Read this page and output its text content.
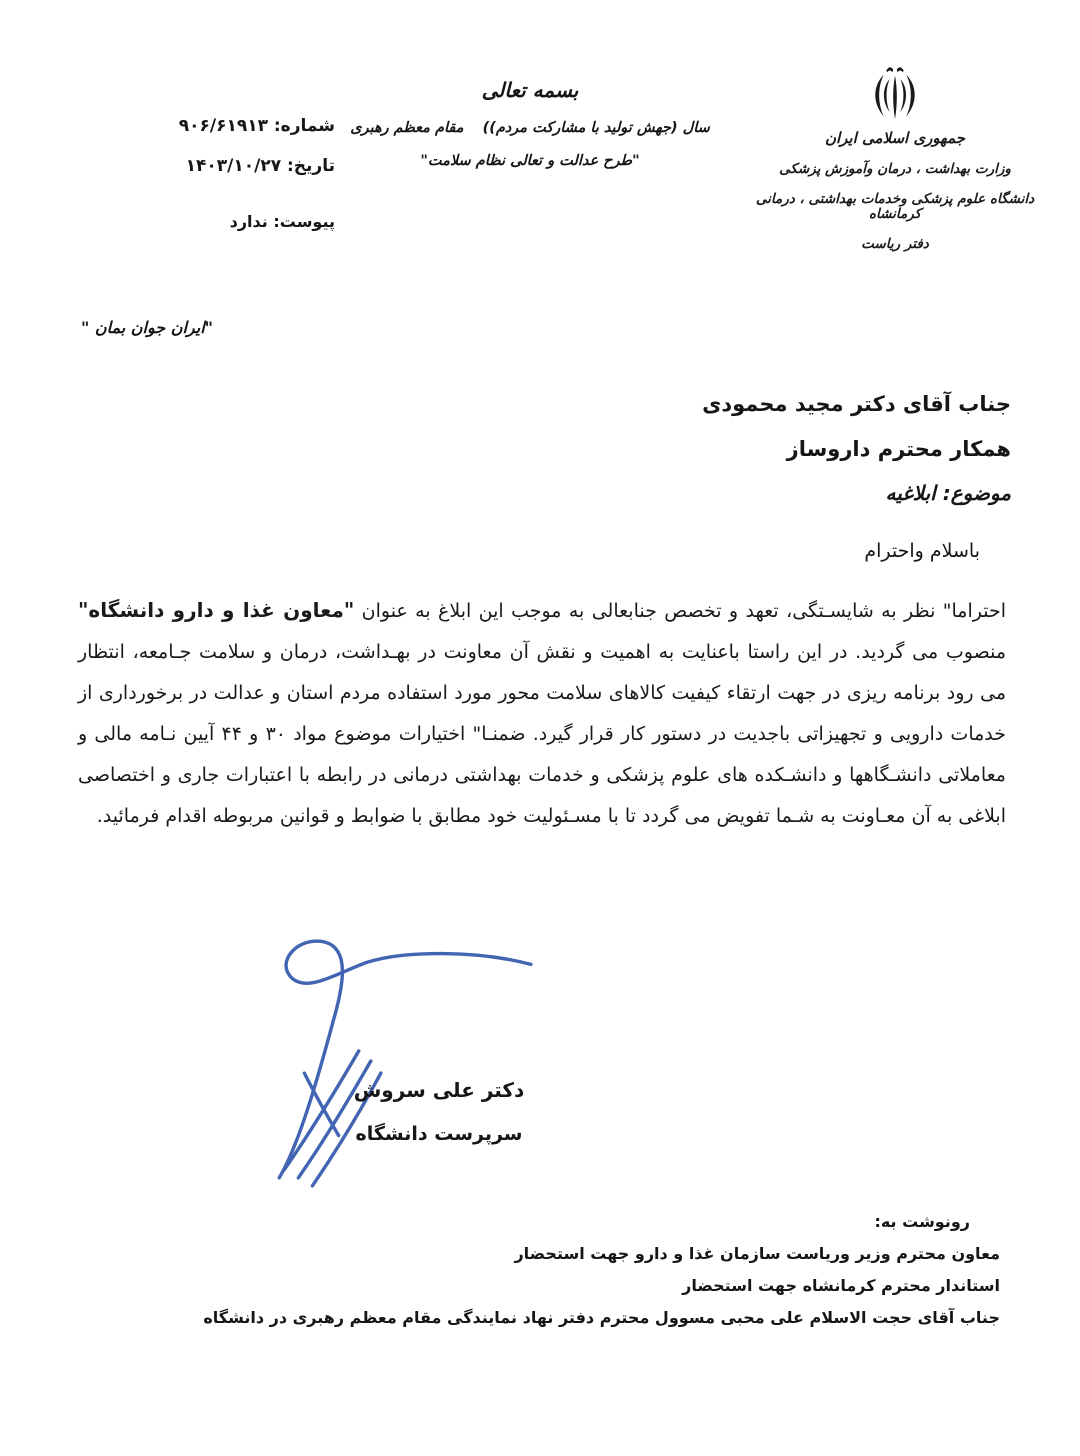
جمهوری اسلامی ایران
وزارت بهداشت ، درمان وآموزش پزشکی
دانشگاه علوم پزشکی وخدمات بهداشتی ، درمانی کرمانشاه
دفتر ریاست
بسمه تعالی
سال (جهش تولید با مشارکت مردم)) مقام معظم رهبری
"طرح عدالت و تعالی نظام سلامت"
شماره: ۹۰۶/۶۱۹۱۳
تاریخ: ۱۴۰۳/۱۰/۲۷
پیوست: ندارد
"ایران جوان بمان "
جناب آقای دکتر مجید محمودی
همکار محترم داروساز
موضوع: ابلاغیه
باسلام واحترام
احتراما" نظر به شایسـتگی، تعهد و تخصص جنابعالی به موجب این ابلاغ به عنوان "معاون غذا و دارو دانشگاه" منصوب می گردید. در این راستا باعنایت به اهمیت و نقش آن معاونت در بهـداشت، درمان و سلامت جـامعه، انتظار می رود برنامه ریزی در جهت ارتقاء کیفیت کالاهای سلامت محور مورد استفاده مردم استان و عدالت در برخورداری از خدمات دارویی و تجهیزاتی باجدیت در دستور کار قرار گیرد. ضمنـا" اختیارات موضوع مواد ۳۰ و ۴۴ آیین نـامه مالی و معاملاتی دانشـگاهها و دانشـکده های علوم پزشکی و خدمات بهداشتی درمانی در رابطه با اعتبارات جاری و اختصاصی ابلاغی به آن معـاونت به شـما تفویض می گردد تا با مسـئولیت خود مطابق با ضوابط و قوانین مربوطه اقدام فرمائید.
دکتر علی سروش
سرپرست دانشگاه
رونوشت به:
معاون محترم وزیر وریاست سازمان غذا و دارو جهت استحضار
استاندار محترم کرمانشاه جهت استحضار
جناب آقای حجت الاسلام علی محبی مسوول محترم دفتر نهاد نمایندگی مقام معظم رهبری در دانشگاه
